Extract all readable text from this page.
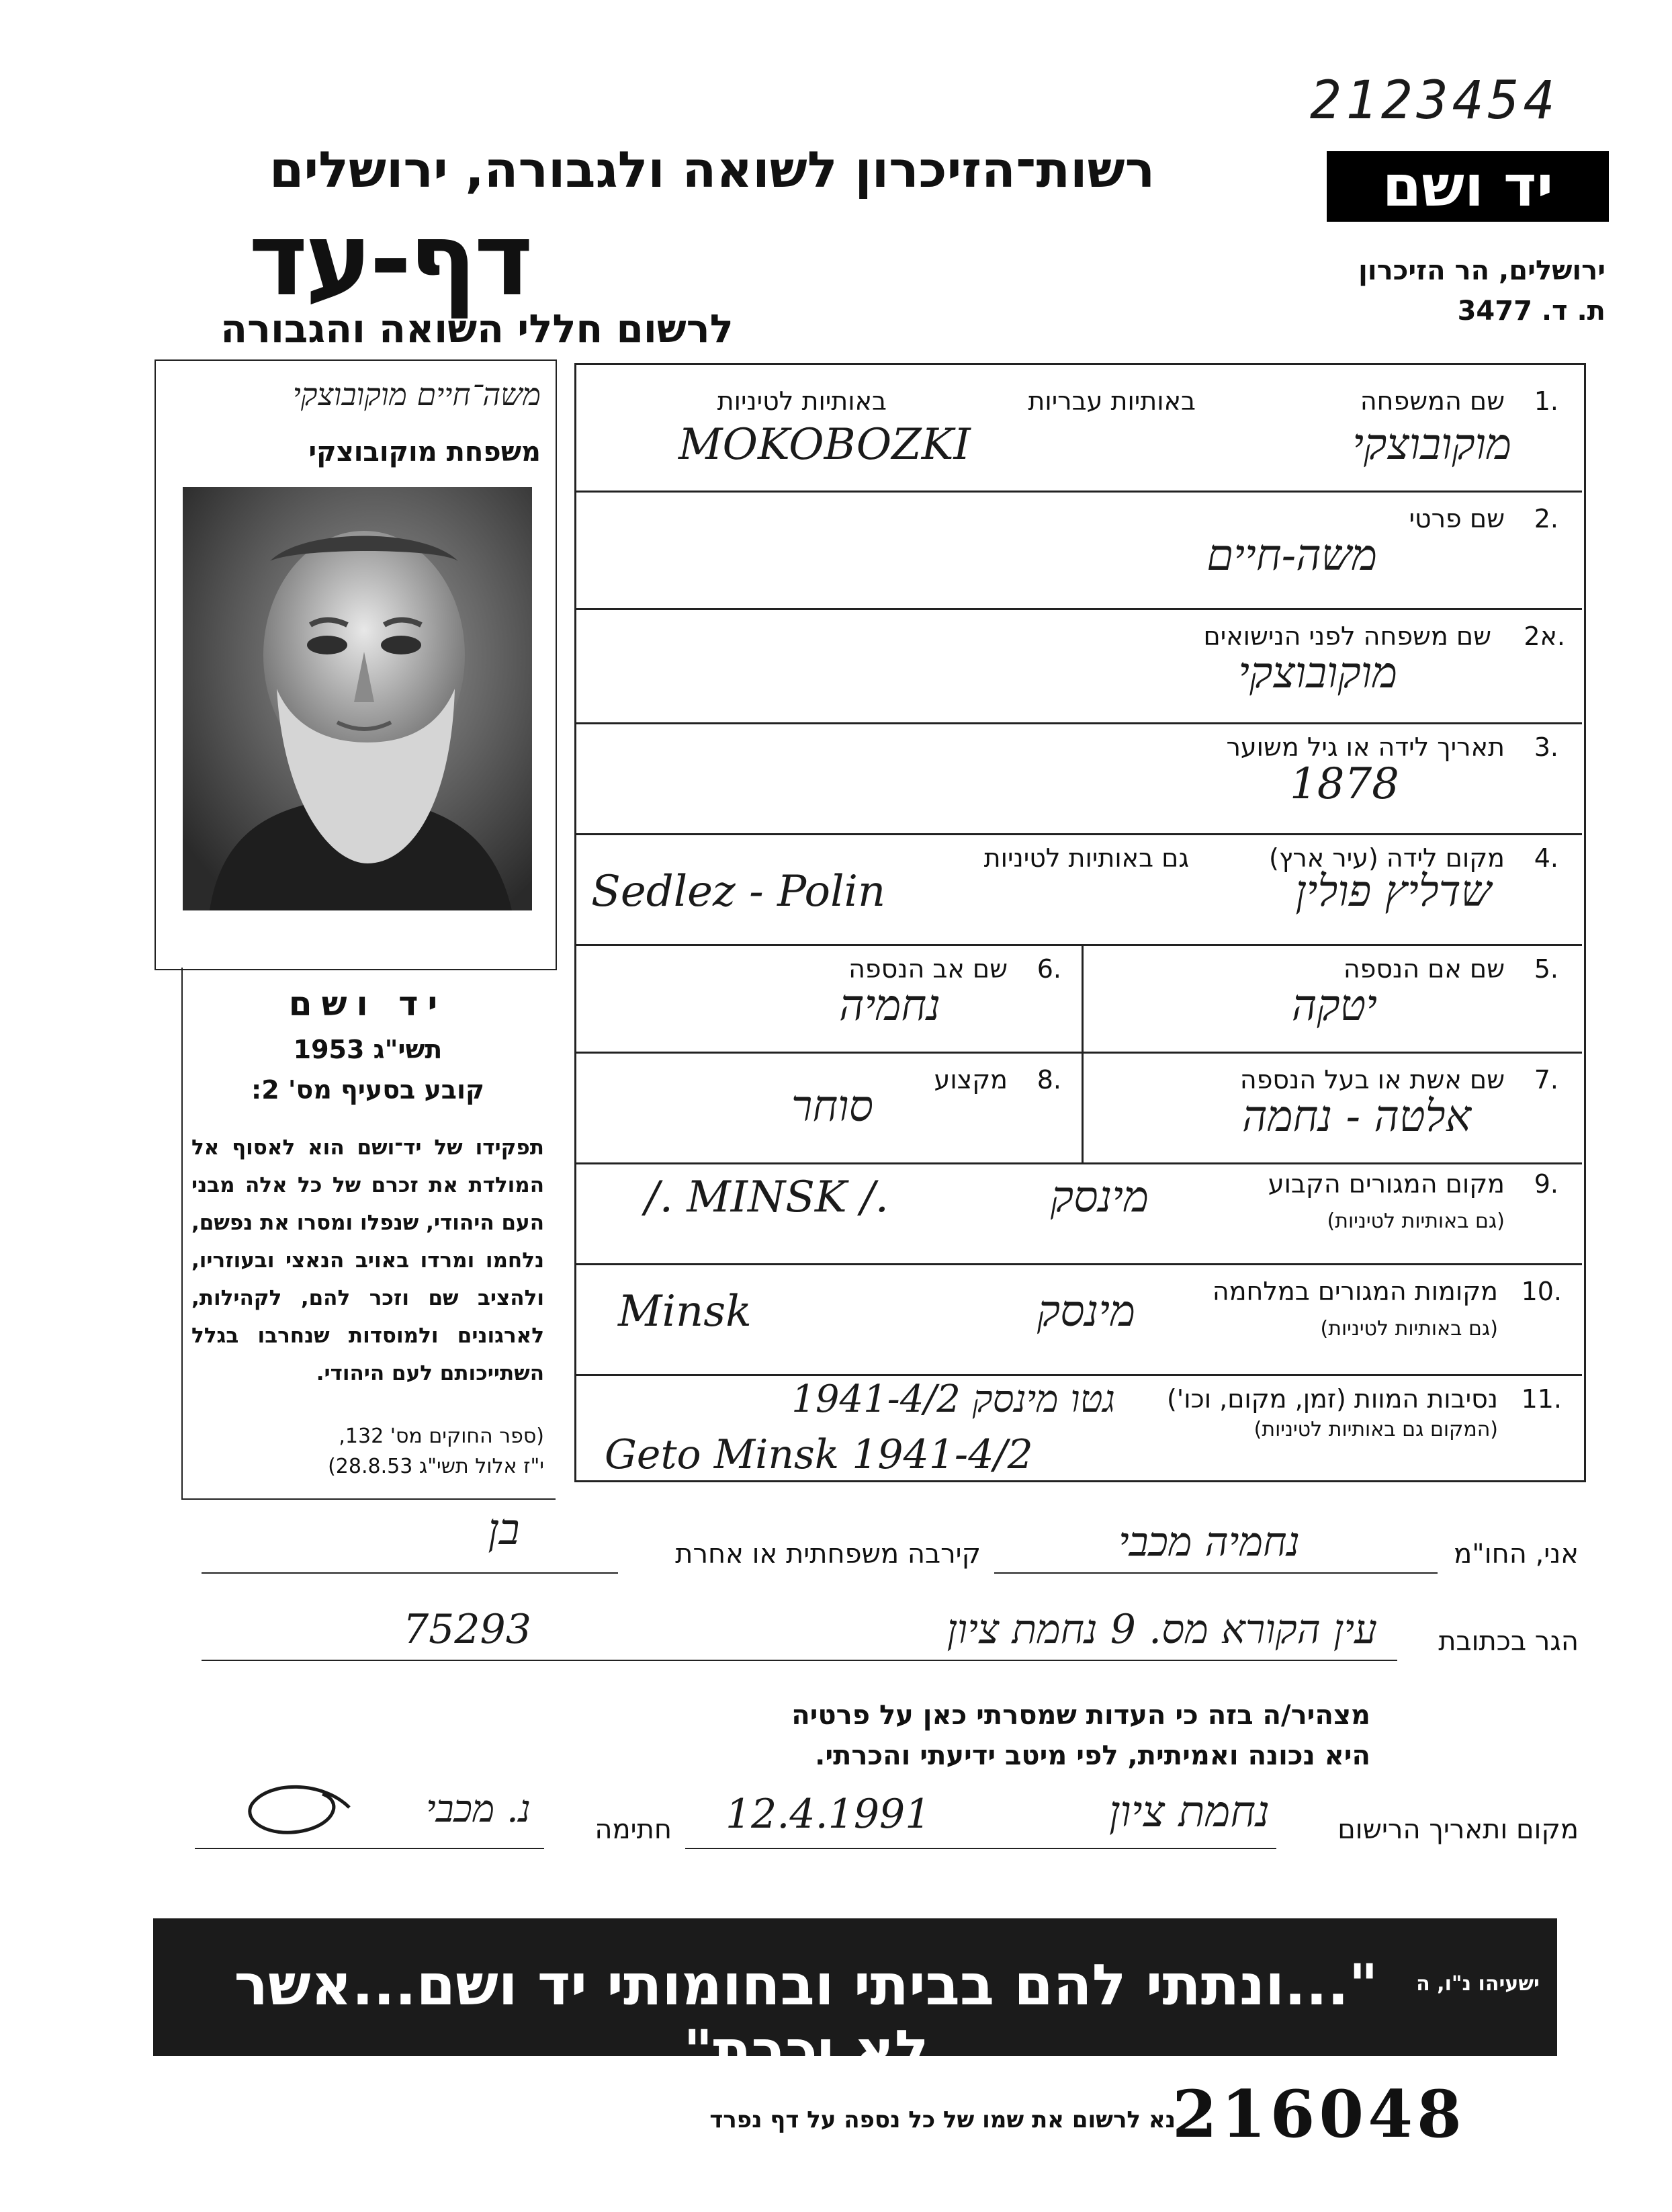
2123454
רשות־הזיכרון לשואה ולגבורה, ירושלים
דף-עד
לרשום חללי השואה והגבורה
יד ושם
ירושלים, הר הזיכרון
ת. ד. 3477
משה־חיים מוקובוצקי
משפחת מוקובוצקי
יד ושם
תשי"ג 1953
קובע בסעיף מס' 2:
תפקידו של יד־ושם הוא לאסוף אל המולדת את זכרם של כל אלה מבני העם היהודי, שנפלו ומסרו את נפשם, נלחמו ומרדו באויב הנאצי ובעוזריו, ולהציב שם וזכר להם, לקהילות, לארגונים ולמוסדות שנחרבו בגלל השתייכותם לעם היהודי.
(ספר החוקים מס' 132,
י"ז אלול תשי"ג 28.8.53)
1.
שם המשפחה
באותיות עבריות
באותיות לטיניות
MOKOBOZKI	מוקובוצקי
2.
שם פרטי
משה-חיים
2א.
שם משפחה לפני הנישואים
מוקובוצקי
3.
תאריך לידה או גיל משוער
1878
4.
מקום לידה (עיר ארץ)
גם באותיות לטיניות
Sedlez - Polin	שדליץ פולין
5.
שם אם הנספה
יטקה
6.
שם אב הנספה
נחמיה
7.
שם אשת או בעל הנספה
אלטה - נחמה
8.
מקצוע
סוחר
9.
מקום המגורים הקבוע
(גם באותיות לטיניות)
/. MINSK /.	מינסק
10.
מקומות המגורים במלחמה
(גם באותיות לטיניות)
Minsk	מינסק
11.
נסיבות המוות (זמן, מקום, וכו')
(המקום גם באותיות לטיניות)
גטו מינסק 1941-4/2
Geto Minsk 1941-4/2
אני, החו"מ
נחמיה מכבי
קירבה משפחתית או אחרת
בן
הגר בכתובת
עין הקורא מס. 9 נחמת ציון
75293
מצהיר/ה בזה כי העדות שמסרתי כאן על פרטיה
היא נכונה ואמיתית, לפי מיטב ידיעתי והכרתי.
מקום ותאריך הרישום
נחמת ציון
12.4.1991
חתימה
נ. מכבי
"...ונתתי להם בביתי ובחומותי יד ושם...אשר לא יכרת"
ישעיהו נ"ו, ה
216048
נא לרשום את שמו של כל נספה על דף נפרד
